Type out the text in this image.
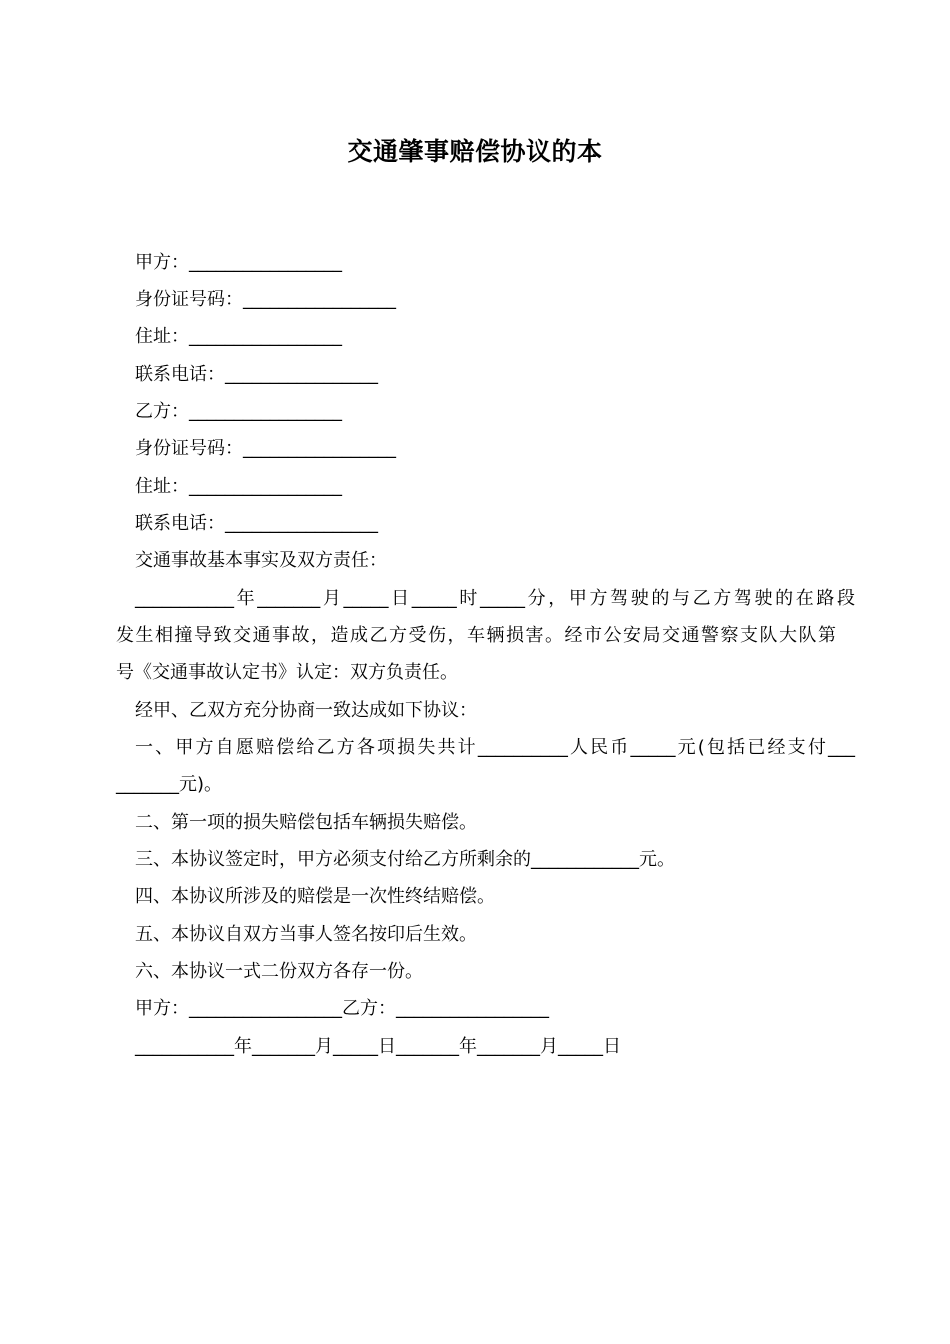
交通肇事赔偿协议的本
甲方：_________________
身份证号码：_________________
住址：_________________
联系电话：_________________
乙方：_________________
身份证号码：_________________
住址：_________________
联系电话：_________________
交通事故基本事实及双方责任：
___________年_______月_____日_____时_____分，甲方驾驶的与乙方驾驶的在路段
发生相撞导致交通事故，造成乙方受伤，车辆损害。经市公安局交通警察支队大队第
号《交通事故认定书》认定：双方负责任。
经甲、乙双方充分协商一致达成如下协议：
一、甲方自愿赔偿给乙方各项损失共计__________人民币_____元(包括已经支付___
_______元)。
二、第一项的损失赔偿包括车辆损失赔偿。
三、本协议签定时，甲方必须支付给乙方所剩余的____________元。
四、本协议所涉及的赔偿是一次性终结赔偿。
五、本协议自双方当事人签名按印后生效。
六、本协议一式二份双方各存一份。
甲方：_________________乙方：_________________
___________年_______月_____日_______年_______月_____日
